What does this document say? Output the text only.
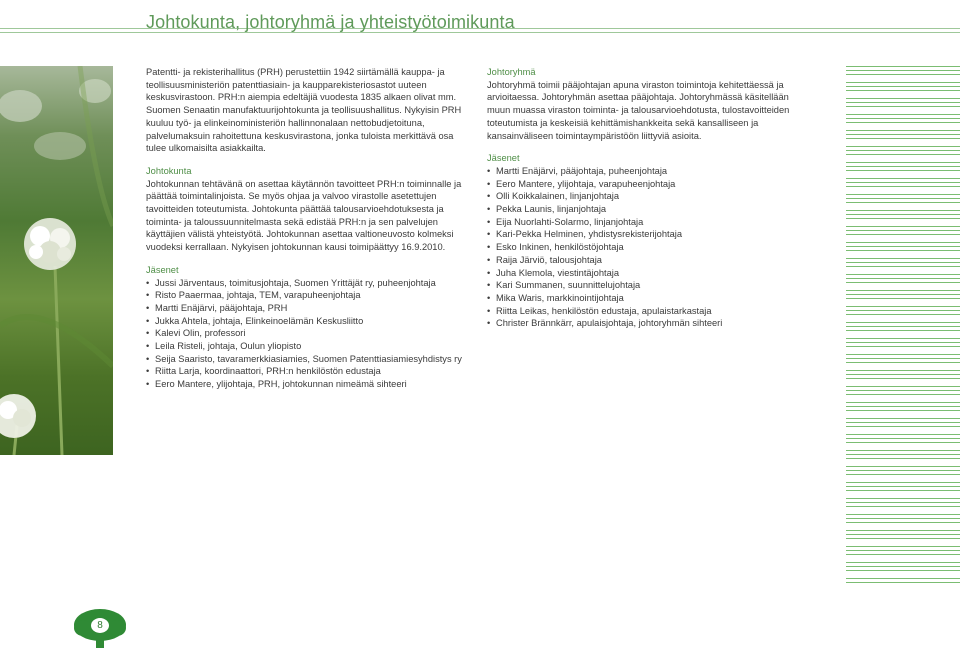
Johtokunta, johtoryhmä ja yhteistyötoimikunta

Patentti- ja rekisterihallitus (PRH) perustettiin 1942 siirtämällä kauppa- ja teollisuusministeriön patenttiasiain- ja kaupparekisteriosastot uuteen keskusvirastoon. PRH:n aiempia edeltäjiä vuodesta 1835 alkaen olivat mm. Suomen Senaatin manufaktuurijohtokunta ja teollisuushallitus. Nykyisin PRH kuuluu työ- ja elinkeinoministeriön hallinnonalaan nettobudjetoituna, palvelumaksuin rahoitettuna keskusvirastona, jonka tuloista merkittävä osa tulee ulkomaisilta asiakkailta.

Johtokunta

Johtokunnan tehtävänä on asettaa käytännön tavoitteet PRH:n toiminnalle ja päättää toimintalinjoista. Se myös ohjaa ja valvoo virastolle asetettujen tavoitteiden toteutumista. Johtokunta päättää talousarvioehdotuksesta ja toiminta- ja taloussuunnitelmasta sekä edistää PRH:n ja sen palvelujen käyttäjien välistä yhteistyötä. Johtokunnan asettaa valtioneuvosto kolmeksi vuodeksi kerrallaan. Nykyisen johtokunnan kausi toimipäättyy 16.9.2010.

Jäsenet

• Jussi Järventaus, toimitusjohtaja, Suomen Yrittäjät ry, puheenjohtaja
• Risto Paaermaa, johtaja, TEM, varapuheenjohtaja
• Martti Enäjärvi, pääjohtaja, PRH
• Jukka Ahtela, johtaja, Elinkeinoelämän Keskusliitto
• Kalevi Olin, professori
• Leila Risteli, johtaja, Oulun yliopisto
• Seija Saaristo, tavaramerkkiasiamies, Suomen Patenttiasiamiesyhdistys ry
• Riitta Larja, koordinaattori, PRH:n henkilöstön edustaja
• Eero Mantere, ylijohtaja, PRH, johtokunnan nimeämä sihteeri

Johtoryhmä

Johtoryhmä toimii pääjohtajan apuna viraston toimintoja kehitettäessä ja arvioitaessa. Johtoryhmän asettaa pääjohtaja. Johtoryhmässä käsitellään muun muassa viraston toiminta- ja talousarvioehdotusta, tulostavoitteiden toteutumista ja keskeisiä kehittämishankkeita sekä kansalliseen ja kansainväliseen toimintaympäristöön liittyviä asioita.

Jäsenet

• Martti Enäjärvi, pääjohtaja, puheenjohtaja
• Eero Mantere, ylijohtaja, varapuheenjohtaja
• Olli Koikkalainen, linjanjohtaja
• Pekka Launis, linjanjohtaja
• Eija Nuorlahti-Solarmo, linjanjohtaja
• Kari-Pekka Helminen, yhdistysrekisterijohtaja
• Esko Inkinen, henkilöstöjohtaja
• Raija Järviö, talousjohtaja
• Juha Klemola, viestintäjohtaja
• Kari Summanen, suunnittelujohtaja
• Mika Waris, markkinointijohtaja
• Riitta Leikas, henkilöstön edustaja, apulaistarkastaja
• Christer Brännkärr, apulaisjohtaja, johtoryhmän sihteeri
8
